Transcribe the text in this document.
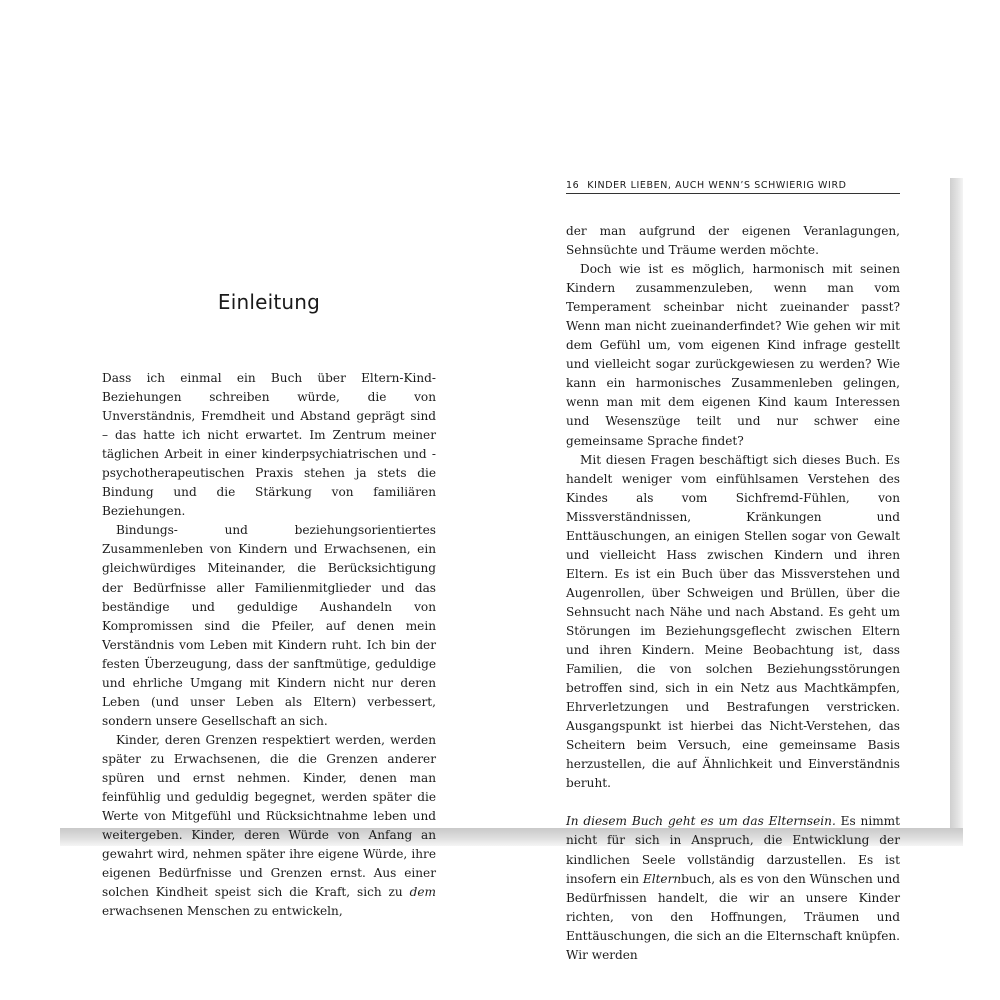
Einleitung

Dass ich einmal ein Buch über Eltern-Kind-Beziehungen schreiben würde, die von Unverständnis, Fremdheit und Abstand geprägt sind – das hatte ich nicht erwartet. Im Zentrum meiner täglichen Arbeit in einer kinderpsychiatrischen und -psychotherapeutischen Praxis stehen ja stets die Bindung und die Stärkung von familiären Beziehungen.

Bindungs- und beziehungsorientiertes Zusammenleben von Kindern und Erwachsenen, ein gleichwürdiges Miteinander, die Berücksichtigung der Bedürfnisse aller Familienmitglieder und das beständige und geduldige Aushandeln von Kompromissen sind die Pfeiler, auf denen mein Verständnis vom Leben mit Kindern ruht. Ich bin der festen Überzeugung, dass der sanftmütige, geduldige und ehrliche Umgang mit Kindern nicht nur deren Leben (und unser Leben als Eltern) verbessert, sondern unsere Gesellschaft an sich.

Kinder, deren Grenzen respektiert werden, werden später zu Erwachsenen, die die Grenzen anderer spüren und ernst nehmen. Kinder, denen man feinfühlig und geduldig begegnet, werden später die Werte von Mitgefühl und Rücksichtnahme leben und weitergeben. Kinder, deren Würde von Anfang an gewahrt wird, nehmen später ihre eigene Würde, ihre eigenen Bedürfnisse und Grenzen ernst. Aus einer solchen Kindheit speist sich die Kraft, sich zu dem erwachsenen Menschen zu entwickeln,

16 KINDER LIEBEN, AUCH WENN’S SCHWIERIG WIRD

der man aufgrund der eigenen Veranlagungen, Sehnsüchte und Träume werden möchte.

Doch wie ist es möglich, harmonisch mit seinen Kindern zusammenzuleben, wenn man vom Temperament scheinbar nicht zueinander passt? Wenn man nicht zueinanderfindet? Wie gehen wir mit dem Gefühl um, vom eigenen Kind infrage gestellt und vielleicht sogar zurückgewiesen zu werden? Wie kann ein harmonisches Zusammenleben gelingen, wenn man mit dem eigenen Kind kaum Interessen und Wesenszüge teilt und nur schwer eine gemeinsame Sprache findet?

Mit diesen Fragen beschäftigt sich dieses Buch. Es handelt weniger vom einfühlsamen Verstehen des Kindes als vom Sichfremd-Fühlen, von Missverständnissen, Kränkungen und Enttäuschungen, an einigen Stellen sogar von Gewalt und vielleicht Hass zwischen Kindern und ihren Eltern. Es ist ein Buch über das Missverstehen und Augenrollen, über Schweigen und Brüllen, über die Sehnsucht nach Nähe und nach Abstand. Es geht um Störungen im Beziehungsgeflecht zwischen Eltern und ihren Kindern. Meine Beobachtung ist, dass Familien, die von solchen Beziehungsstörungen betroffen sind, sich in ein Netz aus Machtkämpfen, Ehrverletzungen und Bestrafungen verstricken. Ausgangspunkt ist hierbei das Nicht-Verstehen, das Scheitern beim Versuch, eine gemeinsame Basis herzustellen, die auf Ähnlichkeit und Einverständnis beruht.

In diesem Buch geht es um das Elternsein. Es nimmt nicht für sich in Anspruch, die Entwicklung der kindlichen Seele vollständig darzustellen. Es ist insofern ein Elternbuch, als es von den Wünschen und Bedürfnissen handelt, die wir an unsere Kinder richten, von den Hoffnungen, Träumen und Enttäuschungen, die sich an die Elternschaft knüpfen. Wir werden
